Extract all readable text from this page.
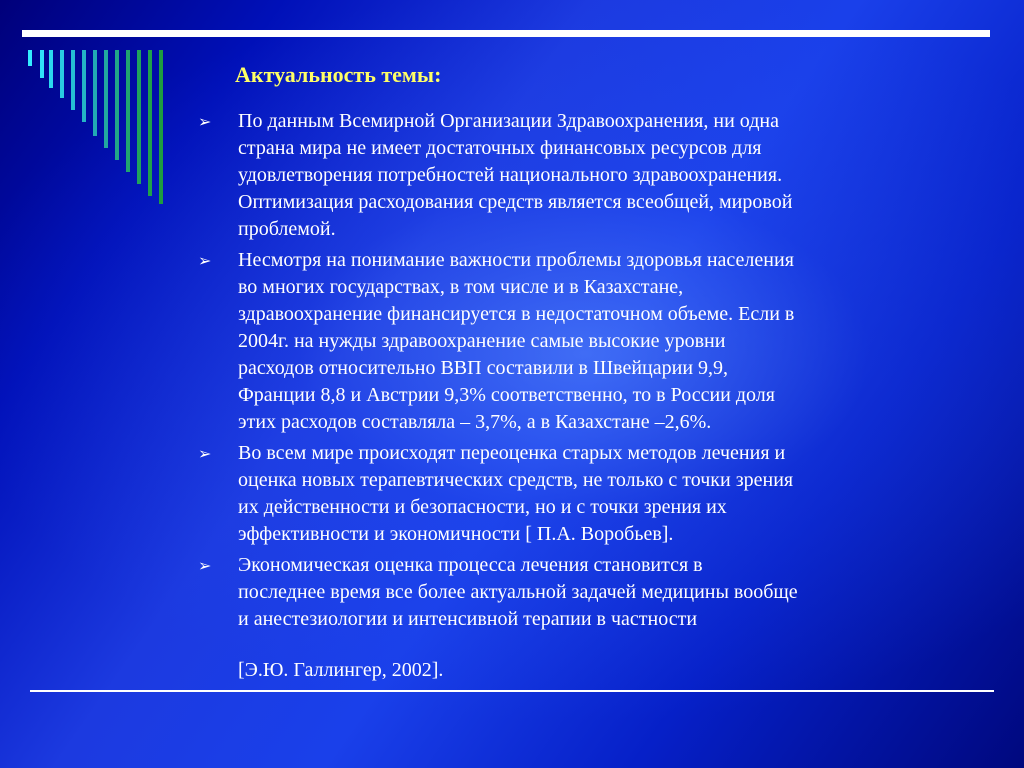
Актуальность темы:
➢ По данным Всемирной Организации Здравоохранения, ни одна
страна мира не имеет достаточных финансовых ресурсов для
удовлетворения потребностей национального здравоохранения.
Оптимизация расходования средств является всеобщей, мировой
проблемой.
➢ Несмотря на понимание важности проблемы здоровья населения
во многих государствах, в том числе и в Казахстане,
здравоохранение финансируется в недостаточном объеме. Если в
2004г. на нужды здравоохранение самые высокие уровни
расходов относительно ВВП составили в Швейцарии 9,9,
Франции 8,8 и Австрии 9,3% соответственно, то в России доля
этих расходов составляла – 3,7%, а в Казахстане –2,6%.
➢ Во всем мире происходят переоценка старых методов лечения и
оценка новых терапевтических средств, не только с точки зрения
их действенности и безопасности, но и с точки зрения их
эффективности и экономичности [ П.А. Воробьев].
➢ Экономическая оценка процесса лечения становится в
последнее время все более актуальной задачей медицины вообще
и анестезиологии и интенсивной терапии в частности
[Э.Ю. Галлингер, 2002].
